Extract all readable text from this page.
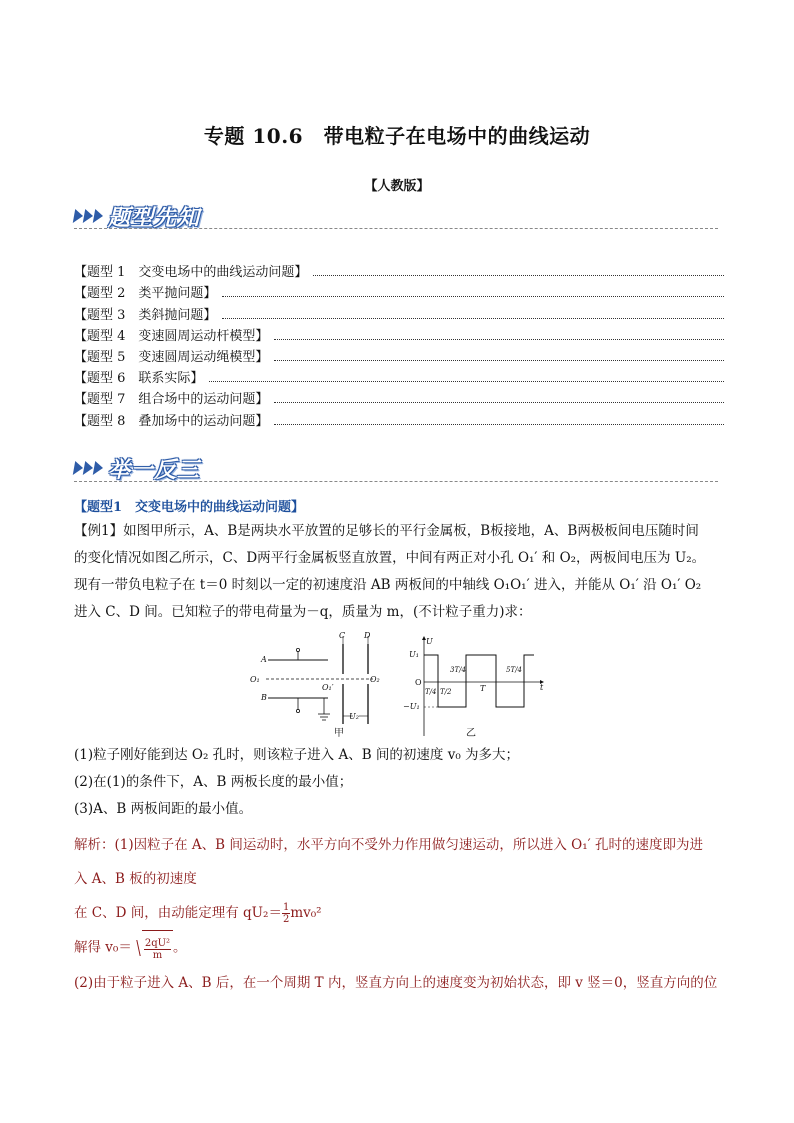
专题 10.6　带电粒子在电场中的曲线运动
【人教版】
题型先知
【题型 1　交变电场中的曲线运动问题】
【题型 2　类平抛问题】
【题型 3　类斜抛问题】
【题型 4　变速圆周运动杆模型】
【题型 5　变速圆周运动绳模型】
【题型 6　联系实际】
【题型 7　组合场中的运动问题】
【题型 8　叠加场中的运动问题】
举一反三
【题型1　交变电场中的曲线运动问题】
【例1】如图甲所示，A、B是两块水平放置的足够长的平行金属板，B板接地，A、B两极板间电压随时间
的变化情况如图乙所示，C、D两平行金属板竖直放置，中间有两正对小孔 O₁′ 和 O₂，两板间电压为 U₂。
现有一带负电粒子在 t＝0 时刻以一定的初速度沿 AB 两板间的中轴线 O₁O₁′ 进入，并能从 O₁′ 沿 O₁′ O₂
进入 C、D 间。已知粒子的带电荷量为－q，质量为 m，(不计粒子重力)求：
A
B
C D
O₁
O₁′
O₂
U₂
甲
U
U₁
O
−U₁
t
T/4 T/2
3T/4
T
5T/4
乙
(1)粒子刚好能到达 O₂ 孔时，则该粒子进入 A、B 间的初速度 v₀ 为多大；
(2)在(1)的条件下，A、B 两板长度的最小值；
(3)A、B 两板间距的最小值。
解析：(1)因粒子在 A、B 间运动时，水平方向不受外力作用做匀速运动，所以进入 O₁′ 孔时的速度即为进
入 A、B 板的初速度
在 C、D 间，由动能定理有 $qU_2= \frac{1}{2} mv_0^2$
解得 $v_0= \frac{\text{2qU²}}{m}$ 。
(2)由于粒子进入 A、B 后，在一个周期 T 内，竖直方向上的速度变为初始状态，即 v 竖＝0，竖直方向的位
